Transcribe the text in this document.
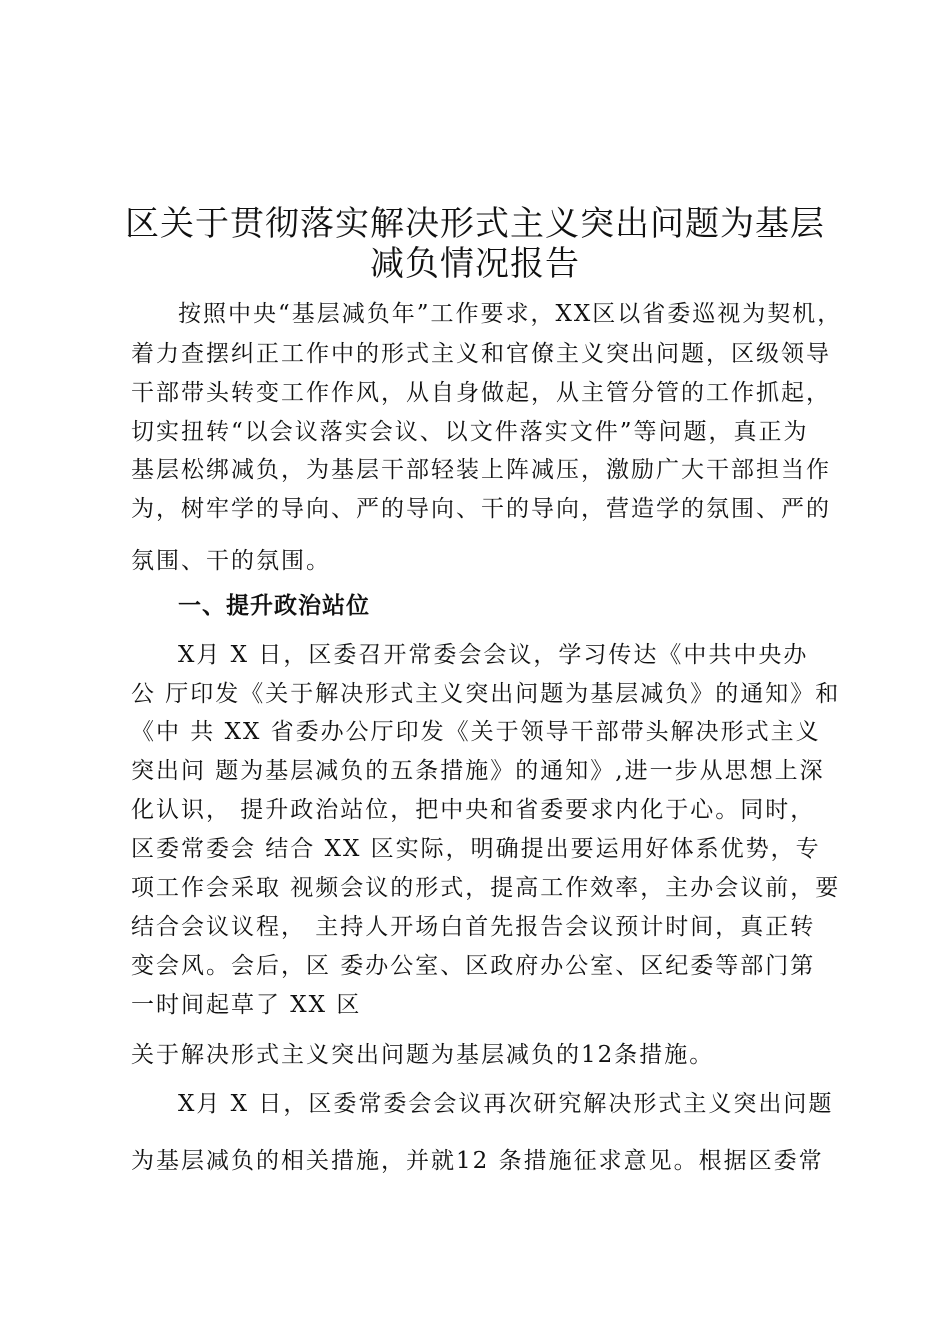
区关于贯彻落实解决形式主义突出问题为基层
减负情况报告
按照中央“基层减负年”工作要求，XX区以省委巡视为契机，
着力查摆纠正工作中的形式主义和官僚主义突出问题，区级领导
干部带头转变工作作风，从自身做起，从主管分管的工作抓起，
切实扭转“以会议落实会议、以文件落实文件”等问题，真正为
基层松绑减负，为基层干部轻装上阵减压，激励广大干部担当作
为，树牢学的导向、严的导向、干的导向，营造学的氛围、严的
氛围、干的氛围。
一、提升政治站位
X月 X 日，区委召开常委会会议，学习传达《中共中央办
公 厅印发《关于解决形式主义突出问题为基层减负》的通知》和
《中 共 XX 省委办公厅印发《关于领导干部带头解决形式主义
突出问 题为基层减负的五条措施》的通知》,进一步从思想上深
化认识， 提升政治站位，把中央和省委要求内化于心。同时，
区委常委会 结合 XX 区实际，明确提出要运用好体系优势，专
项工作会采取 视频会议的形式，提高工作效率，主办会议前，要
结合会议议程， 主持人开场白首先报告会议预计时间，真正转
变会风。会后，区 委办公室、区政府办公室、区纪委等部门第
一时间起草了 XX 区
关于解决形式主义突出问题为基层减负的12条措施。
X月 X 日，区委常委会会议再次研究解决形式主义突出问题
为基层减负的相关措施，并就12 条措施征求意见。根据区委常
